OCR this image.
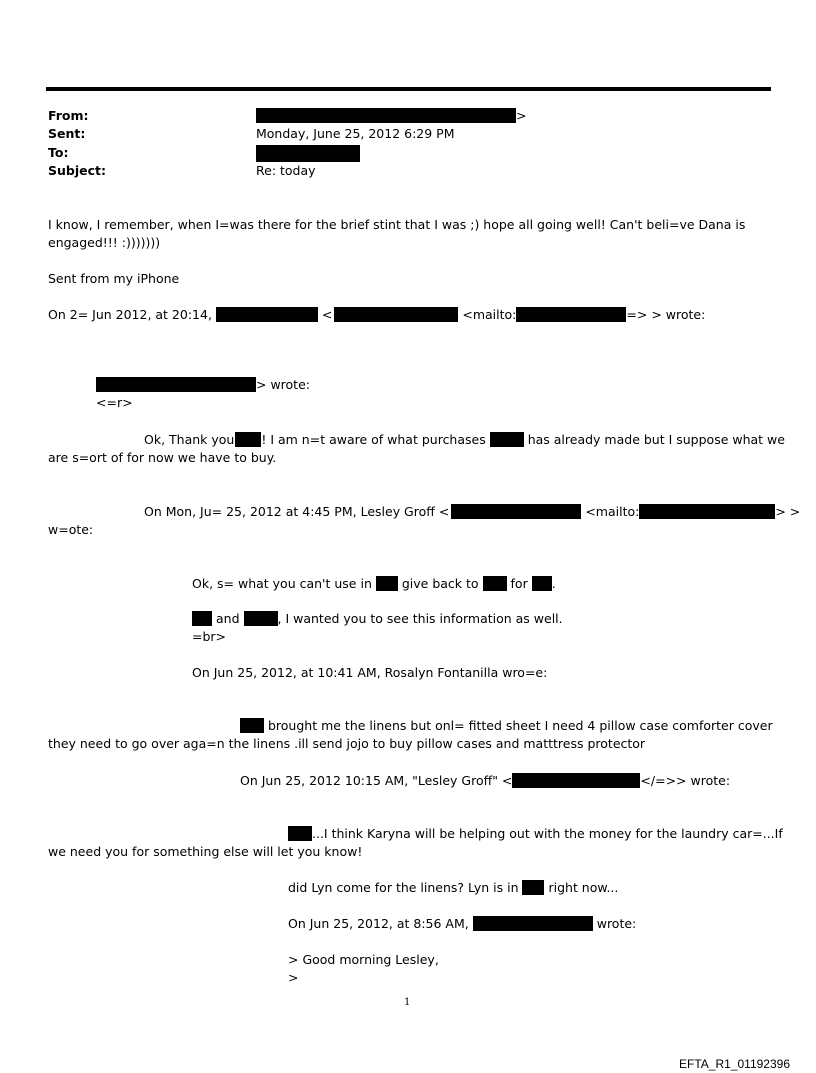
From:	>
Sent:	Monday, June 25, 2012 6:29 PM
To:
Subject:	Re: today
I know, I remember, when I=was there for the brief stint that I was ;) hope all going well! Can't beli=ve Dana is
engaged!!! :)))))))
Sent from my iPhone
On 2= Jun 2012, at 20:14,	<	<mailto:	=> > wrote:
> wrote:
<=r>
Ok, Thank you ! I am n=t aware of what purchases	has already made but I suppose what we
are s=ort of for now we have to buy.
On Mon, Ju= 25, 2012 at 4:45 PM, Lesley Groff <	<mailto:	> >
w=ote:
Ok, s= what you can't use in give back to	for .
and	, I wanted you to see this information as well.
=br>
On Jun 25, 2012, at 10:41 AM, Rosalyn Fontanilla wro=e:
brought me the linens but onl= fitted sheet I need 4 pillow case comforter cover
they need to go over aga=n the linens .ill send jojo to buy pillow cases and matttress protector
On Jun 25, 2012 10:15 AM, "Lesley Groff" <	</=>> wrote:
...I think Karyna will be helping out with the money for the laundry car=...If
we need you for something else will let you know!
did Lyn come for the linens? Lyn is in right now...
On Jun 25, 2012, at 8:56 AM,	wrote:
> Good morning Lesley,
>
1
EFTA_R1_01192396
